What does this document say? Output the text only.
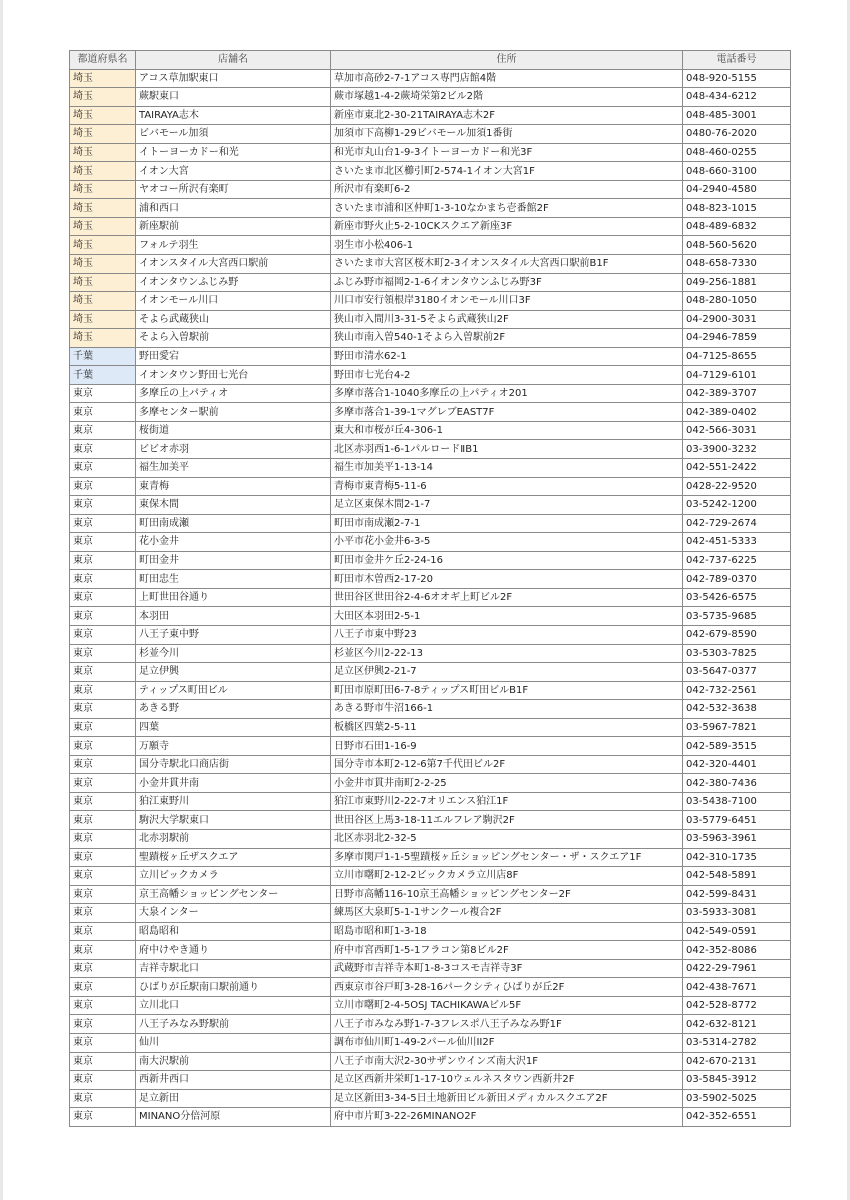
都道府県名	店舗名	住所	電話番号
埼玉	アコス草加駅東口	草加市高砂2-7-1アコス専門店館4階	048-920-5155
埼玉	蕨駅東口	蕨市塚越1-4-2蕨埼栄第2ビル2階	048-434-6212
埼玉	TAIRAYA志木	新座市東北2-30-21TAIRAYA志木2F	048-485-3001
埼玉	ビバモール加須	加須市下高柳1-29ビバモール加須1番街	0480-76-2020
埼玉	イトーヨーカドー和光	和光市丸山台1-9-3イトーヨーカドー和光3F	048-460-0255
埼玉	イオン大宮	さいたま市北区櫛引町2-574-1イオン大宮1F	048-660-3100
埼玉	ヤオコー所沢有楽町	所沢市有楽町6-2	04-2940-4580
埼玉	浦和西口	さいたま市浦和区仲町1-3-10なかまち壱番館2F	048-823-1015
埼玉	新座駅前	新座市野火止5-2-10CKスクエア新座3F	048-489-6832
埼玉	フォルテ羽生	羽生市小松406-1	048-560-5620
埼玉	イオンスタイル大宮西口駅前	さいたま市大宮区桜木町2-3イオンスタイル大宮西口駅前B1F	048-658-7330
埼玉	イオンタウンふじみ野	ふじみ野市福岡2-1-6イオンタウンふじみ野3F	049-256-1881
埼玉	イオンモール川口	川口市安行領根岸3180イオンモール川口3F	048-280-1050
埼玉	そよら武蔵狭山	狭山市入間川3-31-5そよら武蔵狭山2F	04-2900-3031
埼玉	そよら入曽駅前	狭山市南入曽540-1そよら入曽駅前2F	04-2946-7859
千葉	野田愛宕	野田市清水62-1	04-7125-8655
千葉	イオンタウン野田七光台	野田市七光台4-2	04-7129-6101
東京	多摩丘の上パティオ	多摩市落合1-1040多摩丘の上パティオ201	042-389-3707
東京	多摩センター駅前	多摩市落合1-39-1マグレブEAST7F	042-389-0402
東京	桜街道	東大和市桜が丘4-306-1	042-566-3031
東京	ビビオ赤羽	北区赤羽西1-6-1パルロードⅡB1	03-3900-3232
東京	福生加美平	福生市加美平1-13-14	042-551-2422
東京	東青梅	青梅市東青梅5-11-6	0428-22-9520
東京	東保木間	足立区東保木間2-1-7	03-5242-1200
東京	町田南成瀬	町田市南成瀬2-7-1	042-729-2674
東京	花小金井	小平市花小金井6-3-5	042-451-5333
東京	町田金井	町田市金井ケ丘2-24-16	042-737-6225
東京	町田忠生	町田市木曽西2-17-20	042-789-0370
東京	上町世田谷通り	世田谷区世田谷2-4-6オオギ上町ビル2F	03-5426-6575
東京	本羽田	大田区本羽田2-5-1	03-5735-9685
東京	八王子東中野	八王子市東中野23	042-679-8590
東京	杉並今川	杉並区今川2-22-13	03-5303-7825
東京	足立伊興	足立区伊興2-21-7	03-5647-0377
東京	ティップス町田ビル	町田市原町田6-7-8ティップス町田ビルB1F	042-732-2561
東京	あきる野	あきる野市牛沼166-1	042-532-3638
東京	四葉	板橋区四葉2-5-11	03-5967-7821
東京	万願寺	日野市石田1-16-9	042-589-3515
東京	国分寺駅北口商店街	国分寺市本町2-12-6第7千代田ビル2F	042-320-4401
東京	小金井貫井南	小金井市貫井南町2-2-25	042-380-7436
東京	狛江東野川	狛江市東野川2-22-7オリエンス狛江1F	03-5438-7100
東京	駒沢大学駅東口	世田谷区上馬3-18-11エルフレア駒沢2F	03-5779-6451
東京	北赤羽駅前	北区赤羽北2-32-5	03-5963-3961
東京	聖蹟桜ヶ丘ザスクエア	多摩市関戸1-1-5聖蹟桜ヶ丘ショッピングセンター・ザ・スクエア1F	042-310-1735
東京	立川ビックカメラ	立川市曙町2-12-2ビックカメラ立川店8F	042-548-5891
東京	京王高幡ショッピングセンター	日野市高幡116-10京王高幡ショッピングセンター2F	042-599-8431
東京	大泉インター	練馬区大泉町5-1-1サンクール複合2F	03-5933-3081
東京	昭島昭和	昭島市昭和町1-3-18	042-549-0591
東京	府中けやき通り	府中市宮西町1-5-1フラコン第8ビル2F	042-352-8086
東京	吉祥寺駅北口	武蔵野市吉祥寺本町1-8-3コスモ吉祥寺3F	0422-29-7961
東京	ひばりが丘駅南口駅前通り	西東京市谷戸町3-28-16パークシティひばりが丘2F	042-438-7671
東京	立川北口	立川市曙町2-4-5OSJ TACHIKAWAビル5F	042-528-8772
東京	八王子みなみ野駅前	八王子市みなみ野1-7-3フレスポ八王子みなみ野1F	042-632-8121
東京	仙川	調布市仙川町1-49-2パール仙川ⅠⅠ2F	03-5314-2782
東京	南大沢駅前	八王子市南大沢2-30サザンウインズ南大沢1F	042-670-2131
東京	西新井西口	足立区西新井栄町1-17-10ウェルネスタウン西新井2F	03-5845-3912
東京	足立新田	足立区新田3-34-5日土地新田ビル新田メディカルスクエア2F	03-5902-5025
東京	MINANO分倍河原	府中市片町3-22-26MINANO2F	042-352-6551
